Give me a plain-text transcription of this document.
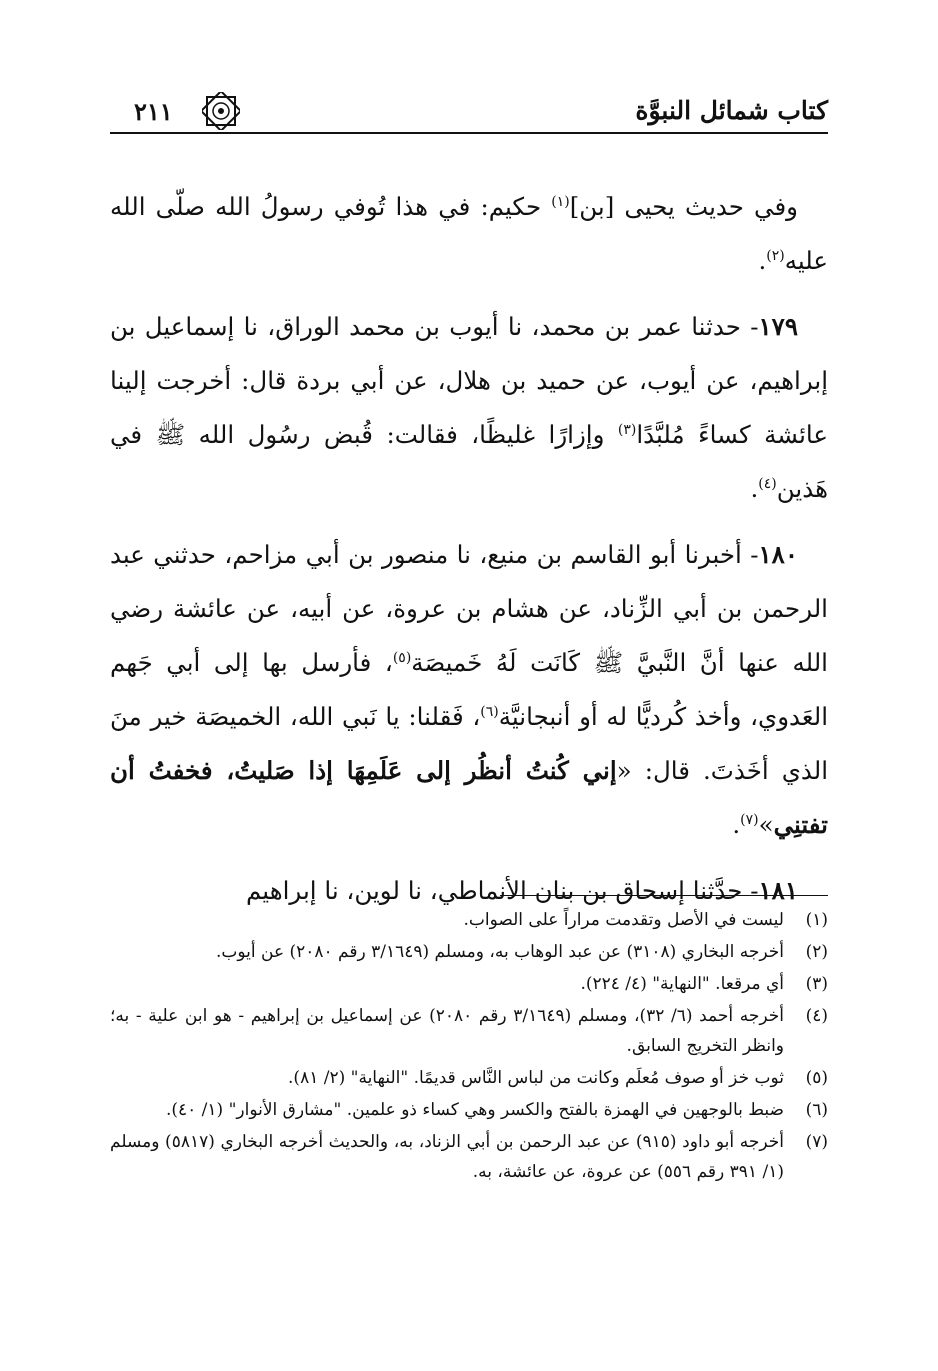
كتاب شمائل النبوَّة
٢١١

وفي حديث يحيى [بن]$^{(١)}$ حكيم: في هذا تُوفي رسولُ الله صلّى الله عليه$^{(٢)}$.

١٧٩- حدثنا عمر بن محمد، نا أيوب بن محمد الوراق، نا إسماعيل بن إبراهيم، عن أيوب، عن حميد بن هلال، عن أبي بردة قال: أخرجت إلينا عائشة كساءً مُلبَّدًا$^{(٣)}$ وإزارًا غليظًا، فقالت: قُبض رسُول الله ﷺ في هَذين$^{(٤)}$.

١٨٠- أخبرنا أبو القاسم بن منيع، نا منصور بن أبي مزاحم، حدثني عبد الرحمن بن أبي الزِّناد، عن هشام بن عروة، عن أبيه، عن عائشة رضي الله عنها أنَّ النَّبيَّ ﷺ كَانَت لَهُ خَميصَة$^{(٥)}$، فأرسل بها إلى أبي جَهم العَدوي، وأخذ كُرديًّا له أو أنبجانيَّة$^{(٦)}$، فَقلنا: يا نَبي الله، الخميصَة خير منَ الذي أخَذتَ. قال: «إني كُنتُ أنظُر إلى عَلَمِهَا إذا صَليتُ، فخفتُ أن تفتنِي»$^{(٧)}$.

١٨١- حدَّثنا إسحاق بن بنان الأنماطي، نا لوين، نا إبراهيم

(١)
ليست في الأصل وتقدمت مراراً على الصواب.
(٢)
أخرجه البخاري (٣١٠٨) عن عبد الوهاب به، ومسلم (٣/١٦٤٩ رقم ٢٠٨٠) عن أيوب.
(٣)
أي مرقعا. "النهاية" (٤/ ٢٢٤).
(٤)
أخرجه أحمد (٦/ ٣٢)، ومسلم (٣/١٦٤٩ رقم ٢٠٨٠) عن إسماعيل بن إبراهيم - هو ابن علية - به؛ وانظر التخريج السابق.
(٥)
ثوب خز أو صوف مُعلَم وكانت من لباس النَّاس قديمًا. "النهاية" (٢/ ٨١).
(٦)
ضبط بالوجهين في الهمزة بالفتح والكسر وهي كساء ذو علمين. "مشارق الأنوار" (١/ ٤٠).
(٧)
أخرجه أبو داود (٩١٥) عن عبد الرحمن بن أبي الزناد، به، والحديث أخرجه البخاري (٥٨١٧) ومسلم (١/ ٣٩١ رقم ٥٥٦) عن عروة، عن عائشة، به.
